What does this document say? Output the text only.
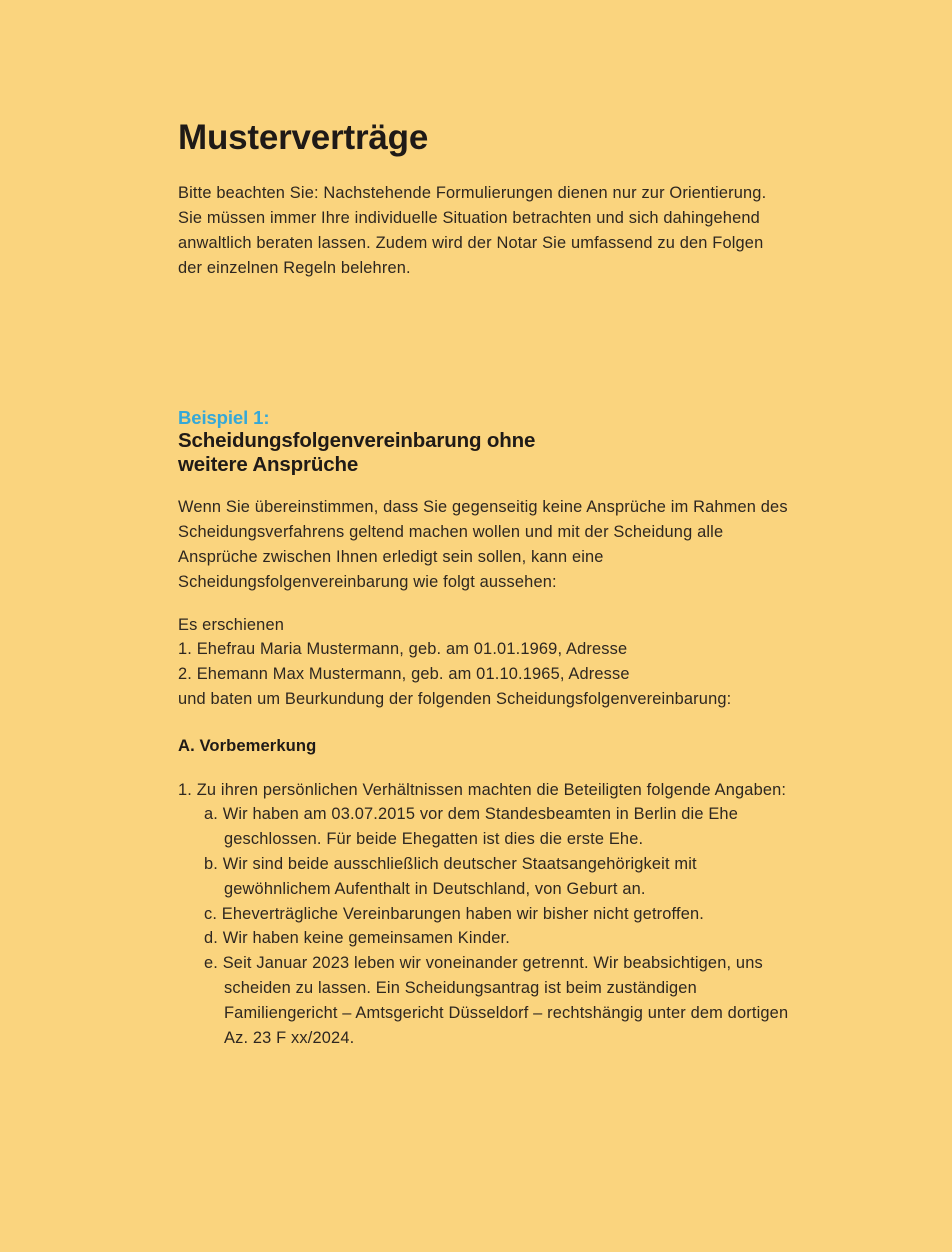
Musterverträge

Bitte beachten Sie: Nachstehende Formulierungen dienen nur zur Orientierung. Sie müssen immer Ihre individuelle Situation betrachten und sich dahingehend anwaltlich beraten lassen. Zudem wird der Notar Sie umfassend zu den Folgen der einzelnen Regeln belehren.

Beispiel 1:
Scheidungsfolgenvereinbarung ohne
weitere Ansprüche

Wenn Sie übereinstimmen, dass Sie gegenseitig keine Ansprüche im Rahmen des Scheidungsverfahrens geltend machen wollen und mit der Scheidung alle Ansprüche zwischen Ihnen erledigt sein sollen, kann eine Scheidungsfolgenvereinbarung wie folgt aussehen:

Es erschienen
1. Ehefrau Maria Mustermann, geb. am 01.01.1969, Adresse
2. Ehemann Max Mustermann, geb. am 01.10.1965, Adresse
und baten um Beurkundung der folgenden Scheidungsfolgenvereinbarung:
A. Vorbemerkung

1. Zu ihren persönlichen Verhältnissen machten die Beteiligten folgende Angaben:

a. Wir haben am 03.07.2015 vor dem Standesbeamten in Berlin die Ehe geschlossen. Für beide Ehegatten ist dies die erste Ehe.
b. Wir sind beide ausschließlich deutscher Staatsangehörigkeit mit gewöhnlichem Aufenthalt in Deutschland, von Geburt an.
c. Eheverträgliche Vereinbarungen haben wir bisher nicht getroffen.
d. Wir haben keine gemeinsamen Kinder.
e. Seit Januar 2023 leben wir voneinander getrennt. Wir beabsichtigen, uns scheiden zu lassen. Ein Scheidungsantrag ist beim zuständigen Familiengericht – Amtsgericht Düsseldorf – rechtshängig unter dem dortigen Az. 23 F xx/2024.
